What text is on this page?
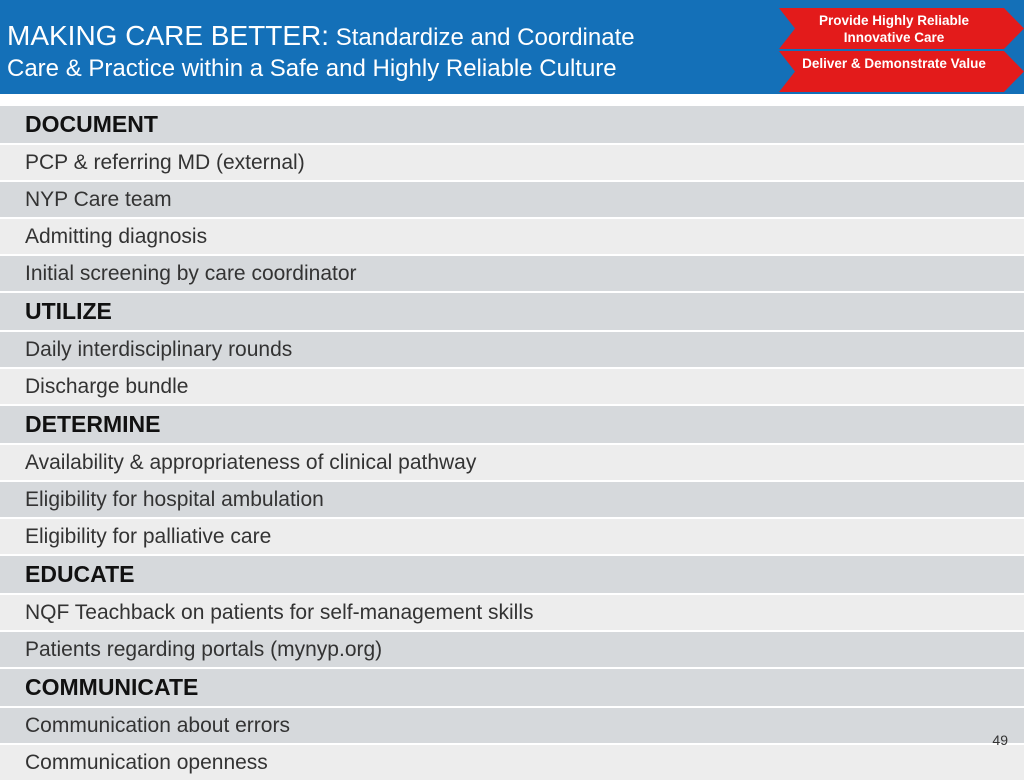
MAKING CARE BETTER: Standardize and Coordinate
Care & Practice within a Safe and Highly Reliable Culture
Provide Highly Reliable Innovative Care
Deliver & Demonstrate Value
DOCUMENT
PCP & referring MD (external)
NYP Care team
Admitting diagnosis
Initial screening by care coordinator
UTILIZE
Daily interdisciplinary rounds
Discharge bundle
DETERMINE
Availability & appropriateness of clinical pathway
Eligibility for hospital ambulation
Eligibility for palliative care
EDUCATE
NQF Teachback on patients for self-management skills
Patients regarding portals (mynyp.org)
COMMUNICATE
Communication about errors
Communication openness
49
